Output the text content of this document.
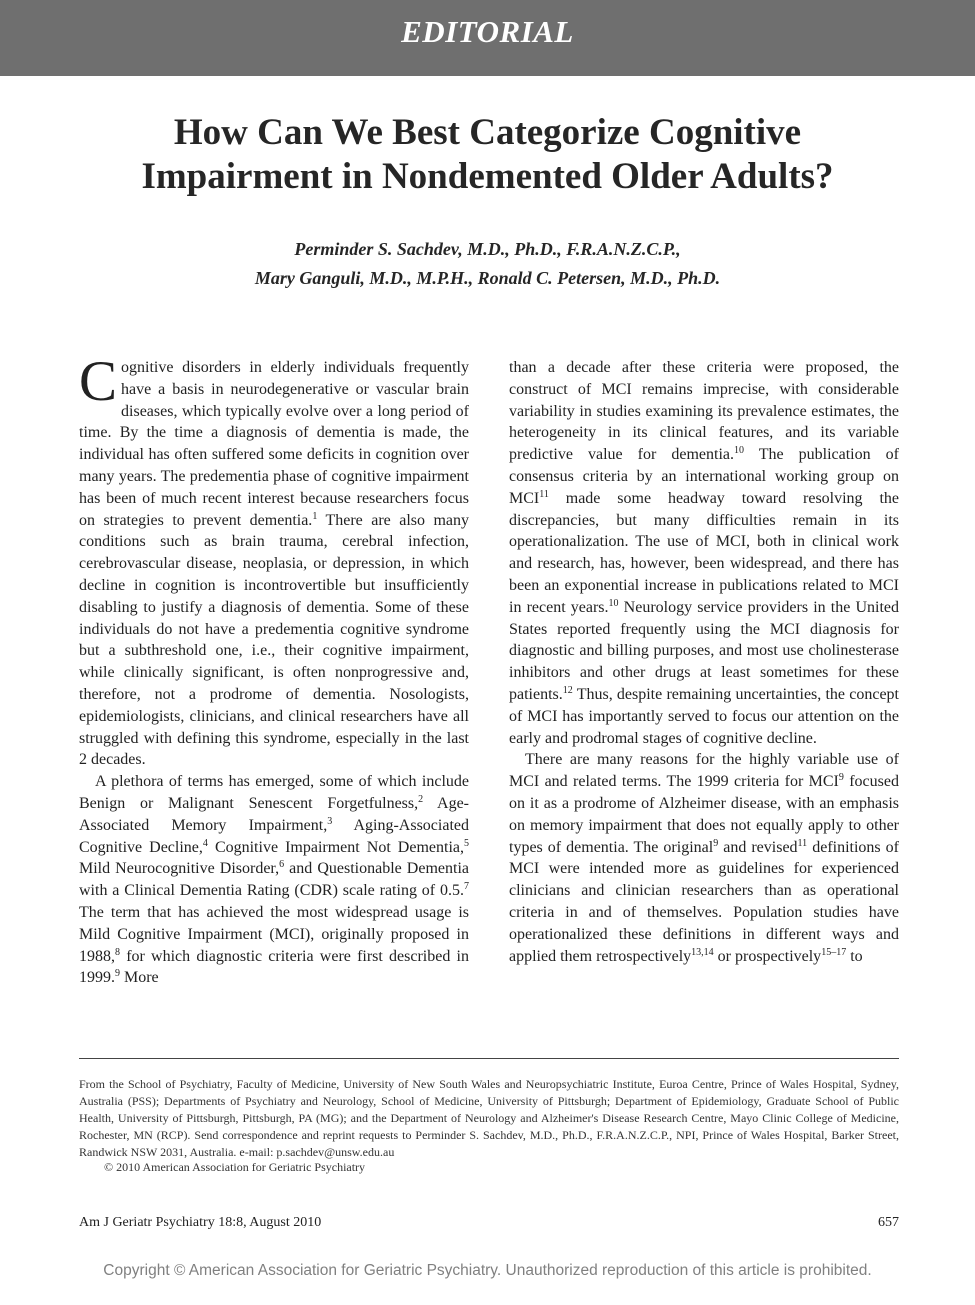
EDITORIAL
How Can We Best Categorize Cognitive
Impairment in Nondemented Older Adults?
Perminder S. Sachdev, M.D., Ph.D., F.R.A.N.Z.C.P.,
Mary Ganguli, M.D., M.P.H., Ronald C. Petersen, M.D., Ph.D.

Cognitive disorders in elderly individuals frequently have a basis in neurodegenerative or vascular brain diseases, which typically evolve over a long period of time. By the time a diagnosis of dementia is made, the individual has often suffered some deficits in cognition over many years. The predementia phase of cognitive impairment has been of much recent interest because researchers focus on strategies to prevent dementia.$^1$ There are also many conditions such as brain trauma, cerebral infection, cerebrovascular disease, neoplasia, or depression, in which decline in cognition is incontrovertible but insufficiently disabling to justify a diagnosis of dementia. Some of these individuals do not have a predementia cognitive syndrome but a subthreshold one, i.e., their cognitive impairment, while clinically significant, is often nonprogressive and, therefore, not a prodrome of dementia. Nosologists, epidemiologists, clinicians, and clinical researchers have all struggled with defining this syndrome, especially in the last 2 decades.

A plethora of terms has emerged, some of which include Benign or Malignant Senescent Forgetfulness,$^2$ Age-Associated Memory Impairment,$^3$ Aging-Associated Cognitive Decline,$^4$ Cognitive Impairment Not Dementia,$^5$ Mild Neurocognitive Disorder,$^6$ and Questionable Dementia with a Clinical Dementia Rating (CDR) scale rating of 0.5.$^7$ The term that has achieved the most widespread usage is Mild Cognitive Impairment (MCI), originally proposed in 1988,$^8$ for which diagnostic criteria were first described in 1999.$^9$ More

than a decade after these criteria were proposed, the construct of MCI remains imprecise, with considerable variability in studies examining its prevalence estimates, the heterogeneity in its clinical features, and its variable predictive value for dementia.$^{10}$ The publication of consensus criteria by an international working group on MCI$^{11}$ made some headway toward resolving the discrepancies, but many difficulties remain in its operationalization. The use of MCI, both in clinical work and research, has, however, been widespread, and there has been an exponential increase in publications related to MCI in recent years.$^{10}$ Neurology service providers in the United States reported frequently using the MCI diagnosis for diagnostic and billing purposes, and most use cholinesterase inhibitors and other drugs at least sometimes for these patients.$^{12}$ Thus, despite remaining uncertainties, the concept of MCI has importantly served to focus our attention on the early and prodromal stages of cognitive decline.

There are many reasons for the highly variable use of MCI and related terms. The 1999 criteria for MCI$^9$ focused on it as a prodrome of Alzheimer disease, with an emphasis on memory impairment that does not equally apply to other types of dementia. The original$^9$ and revised$^{11}$ definitions of MCI were intended more as guidelines for experienced clinicians and clinician researchers than as operational criteria in and of themselves. Population studies have operationalized these definitions in different ways and applied them retrospectively$^{13,14}$ or prospectively$^{15-17}$ to

From the School of Psychiatry, Faculty of Medicine, University of New South Wales and Neuropsychiatric Institute, Euroa Centre, Prince of Wales Hospital, Sydney, Australia (PSS); Departments of Psychiatry and Neurology, School of Medicine, University of Pittsburgh; Department of Epidemiology, Graduate School of Public Health, University of Pittsburgh, Pittsburgh, PA (MG); and the Department of Neurology and Alzheimer's Disease Research Centre, Mayo Clinic College of Medicine, Rochester, MN (RCP). Send correspondence and reprint requests to Perminder S. Sachdev, M.D., Ph.D., F.R.A.N.Z.C.P., NPI, Prince of Wales Hospital, Barker Street, Randwick NSW 2031, Australia. e-mail: p.sachdev@unsw.edu.au

© 2010 American Association for Geriatric Psychiatry
Am J Geriatr Psychiatry 18:8, August 2010	657
Copyright © American Association for Geriatric Psychiatry. Unauthorized reproduction of this article is prohibited.
